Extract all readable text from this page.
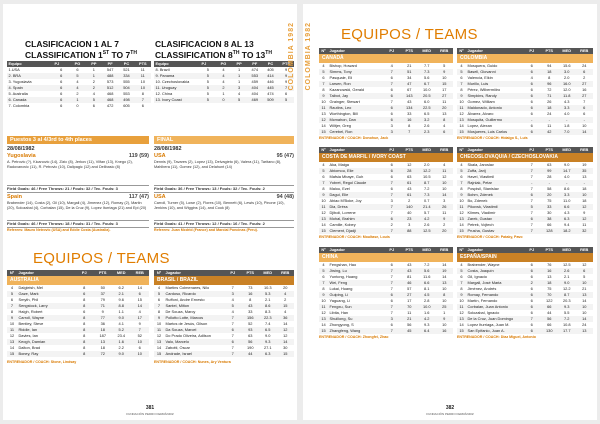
CLASIFICACION 1 AL 7
CLASSIFICATION 1ST TO 7TH
CLASIFICACION 8 AL 13
CLASSIFICATION 8TH TO 13TH
Equipo	PJ	PG	PP	PF	PC	PTS
1.USA	6	6	1	547	521	11
2. BRA	6	5	1	488	334	11
3. Yugoslavia	6	4	2	573	555	10
4. Spain	6	4	2	512	504	10
5. Australia	6	2	4	468	553	8
6. Canada	6	1	5	468	498	7
7. Colombia	6	0	6	472	605	6
Equipo	PJ	PG	PP	PF	PC	PTS
8. Brazil	5	4	1	474	405	9
9. Panama	5	4	1	553	414	9
10. Czechoslovakia	5	4	1	459	446	9
11. Uruguay	5	2	3	404	445	7
12. China	5	1	4	404	474	6
13. Ivory Coast	5	0	5	469	509	5
Puestos 3 al 4/3rd to 4th places	FINAL
28/08/1982
119 (59)
Yugoslavia
A. Petrovic (?), Kicanovic (14), Zizic (8), Jerkov (11), Vilfan (13), Knego (2), Radovanovic (11), R. Petrovic (10), Dalipagic (12) and Delibasic (8)
Field Goals: 46 / Free Throws: 21 / Fouls: 32 / Tec. Fouls: 3
117 (47)
Spain
Brabender (14), Costa (2), Gil (10), Margall (4), Jimenez (12), Romay (2), Martin (20), Solozabal (4), Corbalan (15), De la Cruz (9), Lopez Iturriaga (21) and Epi (20)
Field Goals: 46 / Free Throws: 18 / Fouls: 31 / Tec. Fouls: 3
Referees: Mauro Netrovic (USA) and Eddie Costa (Australia).
28/08/1982
95 (47)
USA
Dennis (9), Tavares (2), Lopez (13), Delvagieto (6), Valera (11), Taritano (8), Mahlbera (11), Gomez (12), and Delahunt (14)
Field Goals: 36 / Free Throws: 13 / Fouls: 32 / Tec. Fouls: 2
94 (48)
USA
Carroll, Turner (5), Lowe (2), Flores (10), Bennett (6), Lewis (10), Pinone (10), Jenkins (10), and Wiggins (14), and Cook (8)
Field Goals: 41 / Free Throws: 12 / Fouls: 16 / Tec. Fouls: 2
Referees: Juan Mcdrid (France) and Marcial Poncinas (Peru).
EQUIPOS / TEAMS
Nº	Jugador	PJ	PTS	MED	REB
AUSTRALIA
4	Dalgleish, Mel	8	50	6.2	14
5	Gaze, Mark	6	37	2.1	6
6	Smyth, Phil	8	79	9.6	15
7	Sengstock, Larry	8	71	8.8	14
8	Haigh, Robert	6	9	1.1	4
9	Carroll, Wayne	8	77	9.0	17
10	Bentley, Steve	8	36	4.1	9
11	Riddle, Ian	8	18	5.2	7
12	Davies, Ian	8	187	23.4	52
13	Keogh, Damian	8	13	1.6	10
14	Dalton, Brad	8	18	2.2	6
15	Boney, Ray	8	72	9.0	10
ENTRENADOR / COACH: Stone, Lindsay
Nº	Jugador	PJ	PTS	MED	REB
BRASIL / BRAZIL
4	Martins Colmenares, Nilo	7	73	10.3	20
5	Cardoso, Ricardo	3	16	5.3	4
6	Ruffoni, Andre Ernesto	4	8	2.1	2
7	Santel, Milton	5	43	8.6	15
8	De Souza, Marcy	4	33	8.3	4
9	Pollotto Lotte, Marcos	7	156	22.3	36
10	Martos de Jesús, Gilson	7	52	7.4	14
11	Da Souza, Marcel	6	93	6.5	12
12	Do Prado Oliveira, Adilson	7	63	9.0	12
13	Valo, Marcelo	6	56	9.3	14
14	Zabotti, Oscar	7	190	27.1	30
15	Andrade, Israel	7	44	6.3	15
ENTRENADOR / COACH: Nunes, Ary Ventura
381
FUNDACIÓN PEDRO FERRÁNDIZ
COLOMBIA 1982 COLOMBIA 1982 EQUIPOS / TEAMS
Nº	Jugador	PJ	PTS	MED	REB
CANADÁ
4	Bishop, Howard	4	21	7.7	5
5	Simms, Tony	7	51	7.3	9
6	Pasquale, Eli	6	34	5.6	10
7	Larsen, Ron	7	47	6.7	15
8	Kazanowski, Gerald	6	67	10.0	17
9	Talbot, Jay	6	143	20.5	27
10	Grainger, Stewart	7	43	6.0	11
11	Rautins, Leo	6	134	22.5	20
13	Worthington, Bill	6	33	6.5	13
12	Mcmahon, Dan	6	16	3.2	8
14	Wiltjer, Greg	3	8	2.6	4
15	Cerebel, Ron	3	7	2.3	6
ENTRENADOR / COACH: Donohue, Jack
Nº	Jugador	PJ	PTS	MED	REB
COSTA DE MARFIL / IVORY COAST
4	Aka, Maiga	6	12	2.0	4
5	Abiomou, Elie	6	28	12.2	11
6	Mafsia Mbaye, Guh	6	63	10.5	12
7	Yobret, Regol Claude	7	61	8.7	10
8	Malou, Ezel	6	43	7.2	10
9	Dagui, Elie	7	61	7.3	14
10	Abiao M'Boke, Joy	3	2	0.7	3
11	Dia, Dréss	7	140	21.4	26
12	Djiboli, Lorrene	7	40	5.7	11
13	Mohal, Brahim	6	23	4.2	9
14	Camille, Kobey	2	3	2.6	2
15	Clement, Djadji	7	88	12.5	20
ENTRENADOR / COACH: Moultase, Louis
Nº	Jugador	PJ	PTS	MED	REB
CHINA
4	Fengshan, Hao	6	43	7.2	14
5	Jiwing, Lu	7	43	5.6	19
6	Yuntong, Huang	7	81	11.6	14
7	Wei, Feng	7	46	6.6	13
8	Lukai, Huang	7	57	8.1	10
9	Guiping, Li	6	27	4.5	8
10	Yaguang, Li	6	17	2.8	10
11	Fengxu, Sun	7	70	10.0	25
12	Libtia, Han	7	11	1.6	1
13	Shuillong, Su	3	21	4.2	9
14	Zhongyong, S	6	56	9.3	10
15	Zhangfeng, Wang	7	45	6.4	16
ENTRENADOR / COACH: Zhongfei, Zhao
Nº	Jugador	PJ	PTS	MED	REB
COLOMBIA
4	Mosquera, Guido	6	94	15.6	24
5	Basell, Giovanni	6	18	3.0	6
6	Valencia, Elkin	4	8	2.0	2
7	Murillo, Luis	6	96	16.0	27
8	Pérez, Wilbermiiiro	6	72	12.0	16
9	Simpkins, Randy	6	71	11.8	27
10	Gomez, William	6	26	4.3	7
11	Maldonado, Antonio	6	18	3.3	6
12	Álvarez, Alvaro	6	24	4.0	6
13	Mosquita, Guillermo	-	-	-	-
14	Lopez, Alexan	6	11	1.8	10
15	Mosjueres, Luis Carlos	6	42	7.0	14
ENTRENADOR / COACH: Hidalgo S., Luis
Nº	Jugador	PJ	PTS	MED	REB
CHECOSLOVAQUIA / CZECHOSLOVAKIA
4	Skala, Jaroslav	7	63	9.0	19
5	Zuffa, Jarij	7	99	14.7	35
6	Havel, Vlastimil	7	28	4.0	13
7	Rajnlak, Petar	-	-	-	-
8	Pospisil, Stanislav	7	58	8.6	18
9	Bohm, Zdenek	6	20	3.3	10
10	Bo, Zdenek	7	75	11.0	18
11	Pikovsk, Vlastimil	5	33	6.6	12
12	Klimes, Vladimír	7	30	4.3	9
13	Zarek, Gustav	6	38	6.3	12
14	Petrek, Vojtech	7	66	9.4	11
15	Prusha, Gustav	7	128	18.2	32
ENTRENADOR / COACH: Pataky, Pavo
Nº	Jugador	PJ	PTS	MED	REB
ESPAÑA/SPAIN
4	Brabender, Wayne	6	76	12.5	12
5	Costa, Joaquín	6	16	2.6	6
6	Gil, Ignacio	6	13	2.1	5
7	Margall, José Maria	2	18	9.0	10
8	Jiménez, Andrés	6	75	12.2	21
9	Romay, Fernando	6	70	8.7	13
10	Martín, Fernando	6	122	20.3	14
11	Corbalan, Juan Antonio	6	66	9.3	10
12	Solozabal, Ignacio	6	44	5.5	10
13	De la Cruz, Juan Domingo	7	56	7.2	14
14	Lopez Iturriaga, Juan M.	6	66	10.8	24
15	San Epifanio, Juan A.	6	130	17.7	13
ENTRENADOR / COACH: Diaz Miguel, Antonio
382
FUNDACIÓN PEDRO FERRÁNDIZ
